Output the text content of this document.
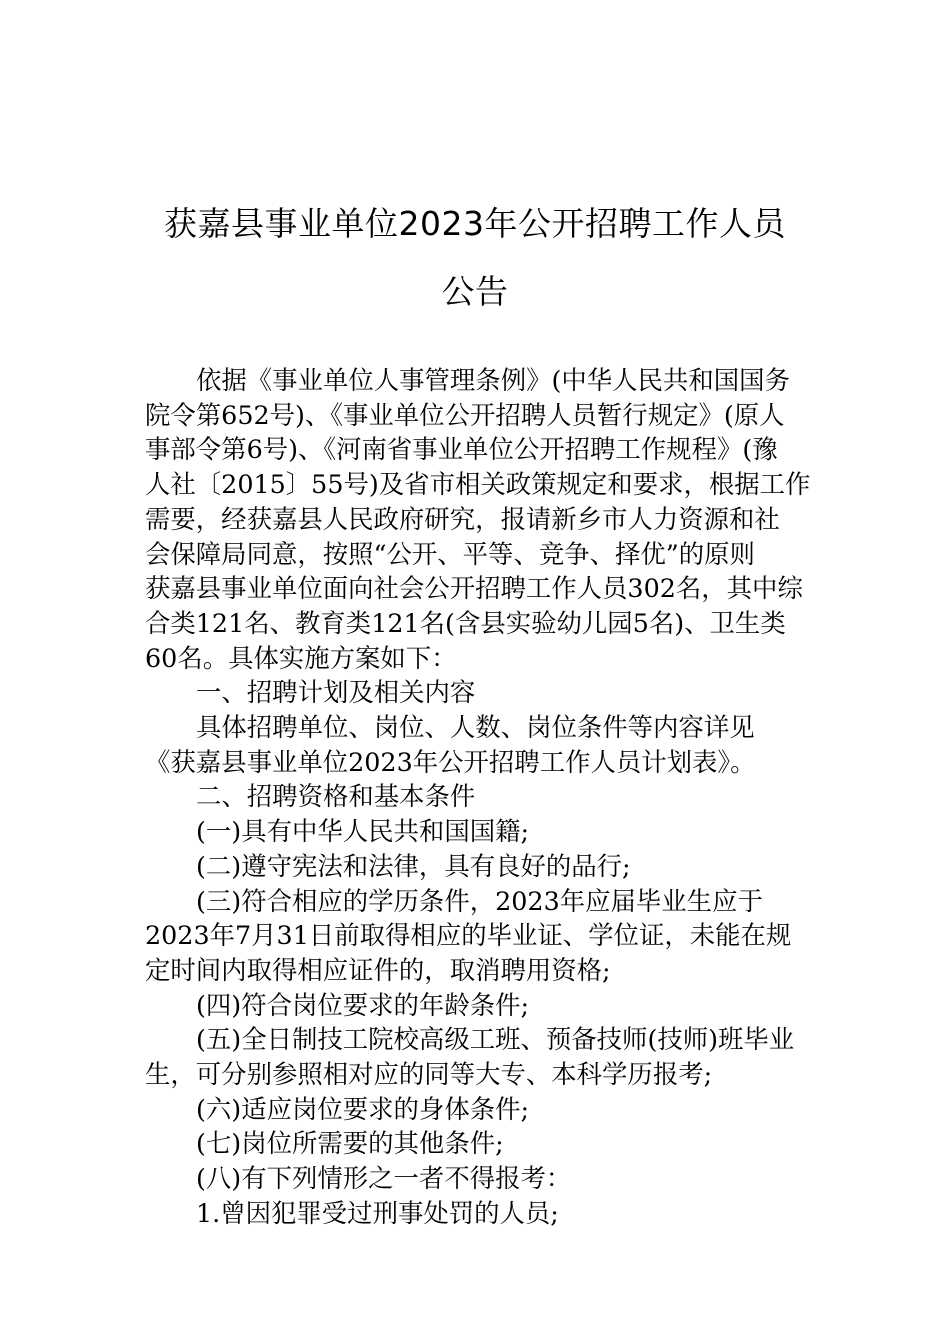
获嘉县事业单位2023年公开招聘工作人员
公告

依据《事业单位人事管理条例》(中华人民共和国国务

院令第652号)、《事业单位公开招聘人员暂行规定》(原人

事部令第6号)、《河南省事业单位公开招聘工作规程》(豫

人社〔2015〕55号)及省市相关政策规定和要求，根据工作

需要，经获嘉县人民政府研究，报请新乡市人力资源和社

会保障局同意，按照“公开、平等、竞争、择优”的原则

获嘉县事业单位面向社会公开招聘工作人员302名，其中综

合类121名、教育类121名(含县实验幼儿园5名)、卫生类

60名。具体实施方案如下：

一、招聘计划及相关内容

具体招聘单位、岗位、人数、岗位条件等内容详见

《获嘉县事业单位2023年公开招聘工作人员计划表》。

二、招聘资格和基本条件

(一)具有中华人民共和国国籍;

(二)遵守宪法和法律，具有良好的品行;

(三)符合相应的学历条件，2023年应届毕业生应于

2023年7月31日前取得相应的毕业证、学位证，未能在规

定时间内取得相应证件的，取消聘用资格;

(四)符合岗位要求的年龄条件;

(五)全日制技工院校高级工班、预备技师(技师)班毕业

生，可分别参照相对应的同等大专、本科学历报考;

(六)适应岗位要求的身体条件;

(七)岗位所需要的其他条件;

(八)有下列情形之一者不得报考：

1.曾因犯罪受过刑事处罚的人员;
